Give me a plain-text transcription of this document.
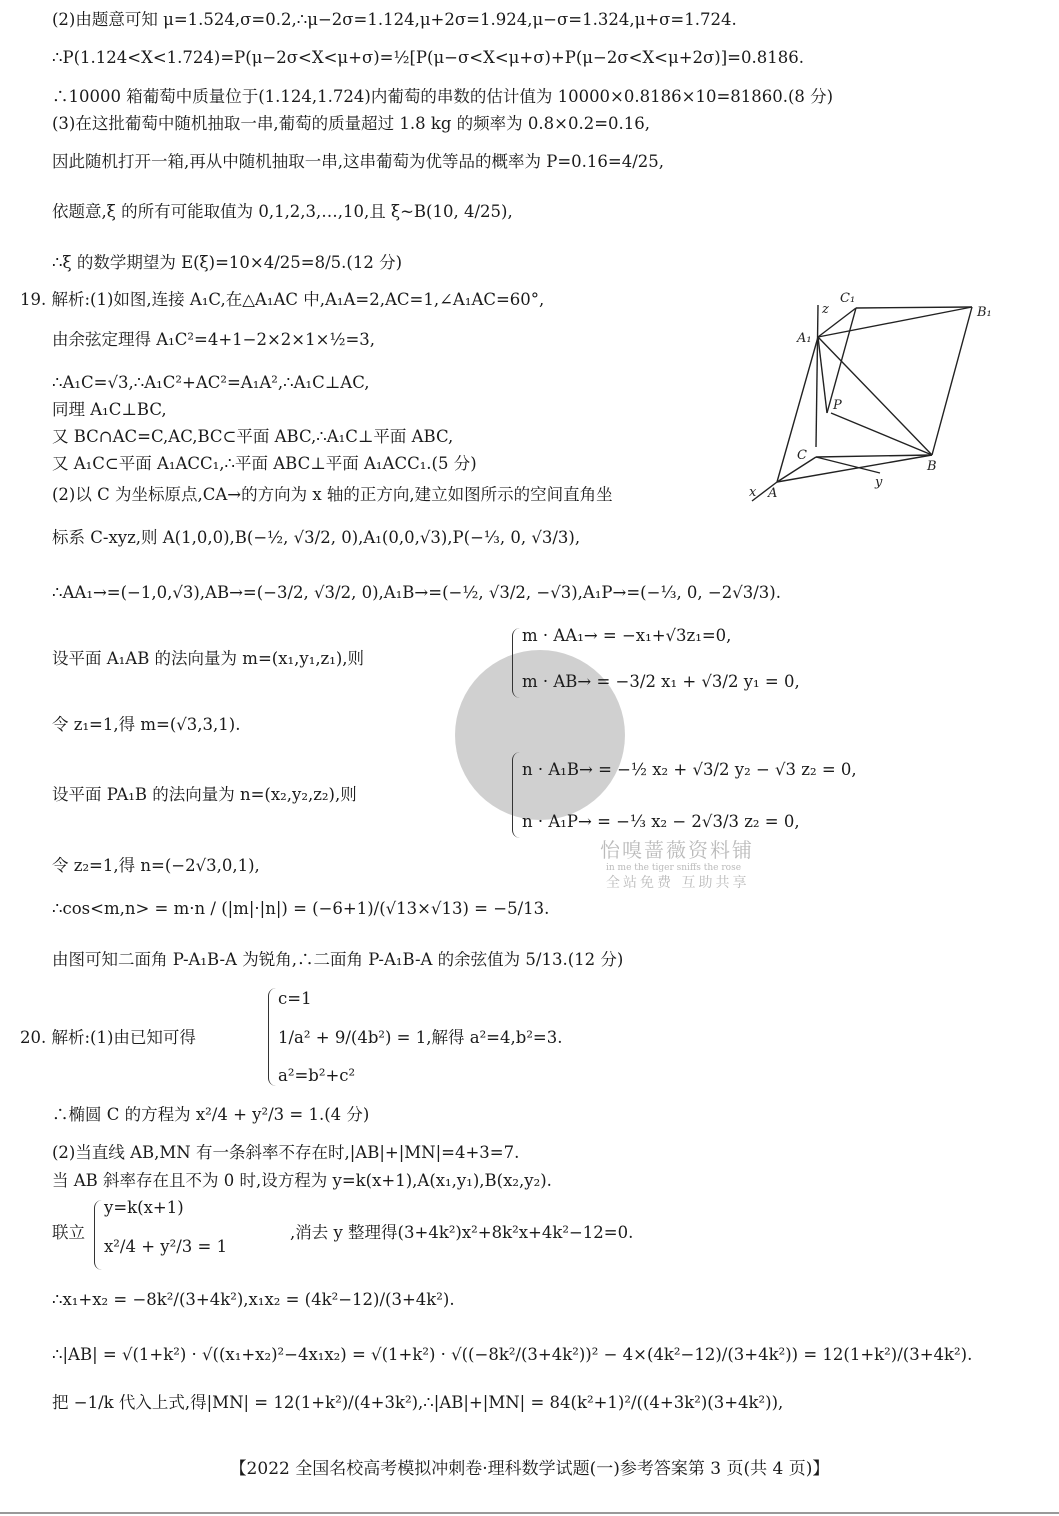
怡嗅蔷薇资料铺
in me the tiger sniffs the rose
全站免费 互助共享
(2)由题意可知 μ=1.524,σ=0.2,∴μ−2σ=1.124,μ+2σ=1.924,μ−σ=1.324,μ+σ=1.724.
∴P(1.124<X<1.724)=P(μ−2σ<X<μ+σ)=½[P(μ−σ<X<μ+σ)+P(μ−2σ<X<μ+2σ)]=0.8186.
∴10000 箱葡萄中质量位于(1.124,1.724)内葡萄的串数的估计值为 10000×0.8186×10=81860.(8 分)
(3)在这批葡萄中随机抽取一串,葡萄的质量超过 1.8 kg 的频率为 0.8×0.2=0.16,
因此随机打开一箱,再从中随机抽取一串,这串葡萄为优等品的概率为 P=0.16=4/25,
依题意,ξ 的所有可能取值为 0,1,2,3,…,10,且 ξ~B(10, 4/25),
∴ξ 的数学期望为 E(ξ)=10×4/25=8/5.(12 分)
19. 解析:(1)如图,连接 A₁C,在△A₁AC 中,A₁A=2,AC=1,∠A₁AC=60°,
由余弦定理得 A₁C²=4+1−2×2×1×½=3,
∴A₁C=√3,∴A₁C²+AC²=A₁A²,∴A₁C⊥AC,
同理 A₁C⊥BC,
又 BC∩AC=C,AC,BC⊂平面 ABC,∴A₁C⊥平面 ABC,
又 A₁C⊂平面 A₁ACC₁,∴平面 ABC⊥平面 A₁ACC₁.(5 分)
(2)以 C 为坐标原点,CA→的方向为 x 轴的正方向,建立如图所示的空间直角坐
标系 C-xyz,则 A(1,0,0),B(−½, √3/2, 0),A₁(0,0,√3),P(−⅓, 0, √3/3),
∴AA₁→=(−1,0,√3),AB→=(−3/2, √3/2, 0),A₁B→=(−½, √3/2, −√3),A₁P→=(−⅓, 0, −2√3/3).
设平面 A₁AB 的法向量为 m=(x₁,y₁,z₁),则
m · AA₁→ = −x₁+√3z₁=0,
m · AB→ = −3/2 x₁ + √3/2 y₁ = 0,
令 z₁=1,得 m=(√3,3,1).
设平面 PA₁B 的法向量为 n=(x₂,y₂,z₂),则
n · A₁B→ = −½ x₂ + √3/2 y₂ − √3 z₂ = 0,
n · A₁P→ = −⅓ x₂ − 2√3/3 z₂ = 0,
令 z₂=1,得 n=(−2√3,0,1),
∴cos<m,n> = m·n / (|m|·|n|) = (−6+1)/(√13×√13) = −5/13.
由图可知二面角 P-A₁B-A 为锐角,∴二面角 P-A₁B-A 的余弦值为 5/13.(12 分)
z
C₁
B₁
A₁
P
C
B
y
x A
20. 解析:(1)由已知可得
c=1
1/a² + 9/(4b²) = 1,解得 a²=4,b²=3.
a²=b²+c²
∴椭圆 C 的方程为 x²/4 + y²/3 = 1.(4 分)
(2)当直线 AB,MN 有一条斜率不存在时,|AB|+|MN|=4+3=7.
当 AB 斜率存在且不为 0 时,设方程为 y=k(x+1),A(x₁,y₁),B(x₂,y₂).
联立
y=k(x+1)
x²/4 + y²/3 = 1
,消去 y 整理得(3+4k²)x²+8k²x+4k²−12=0.
∴x₁+x₂ = −8k²/(3+4k²),x₁x₂ = (4k²−12)/(3+4k²).
∴|AB| = √(1+k²) · √((x₁+x₂)²−4x₁x₂) = √(1+k²) · √((−8k²/(3+4k²))² − 4×(4k²−12)/(3+4k²)) = 12(1+k²)/(3+4k²).
把 −1/k 代入上式,得|MN| = 12(1+k²)/(4+3k²),∴|AB|+|MN| = 84(k²+1)²/((4+3k²)(3+4k²)),
【2022 全国名校高考模拟冲刺卷·理科数学试题(一)参考答案第 3 页(共 4 页)】
